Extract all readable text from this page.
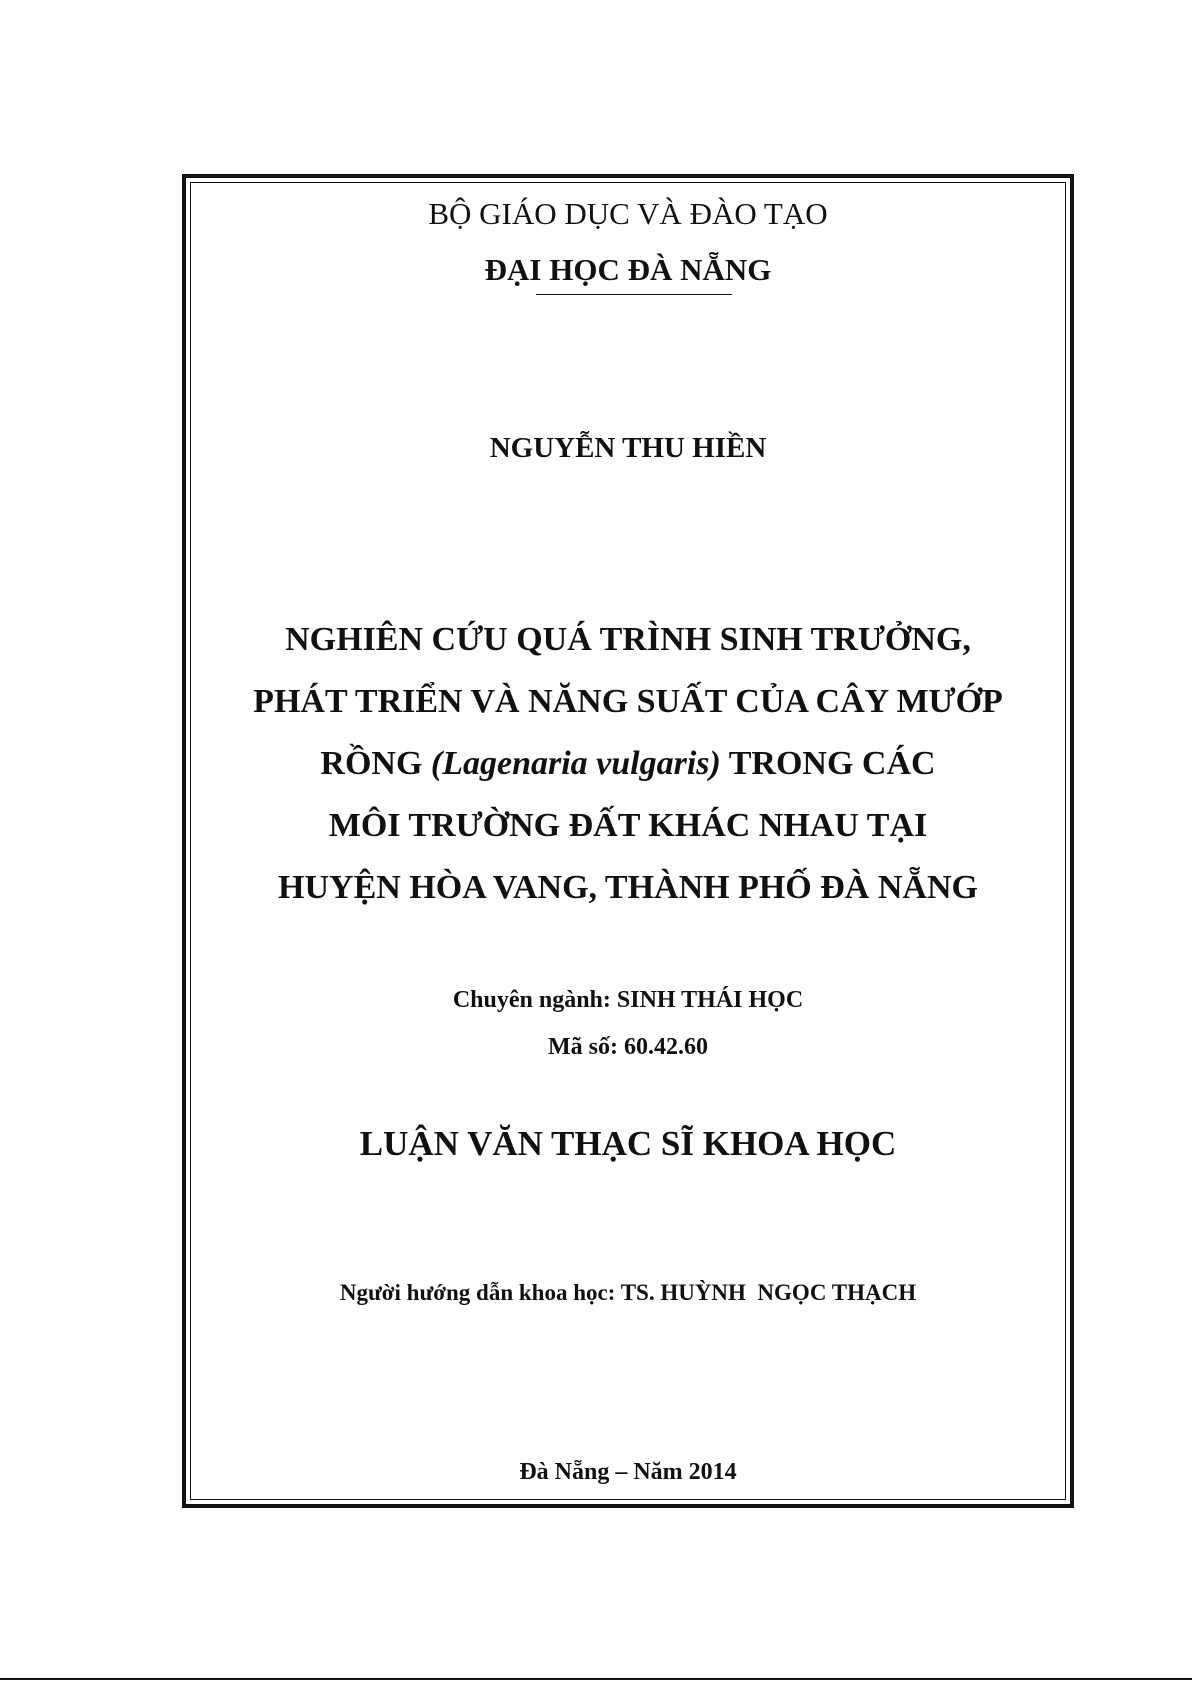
BỘ GIÁO DỤC VÀ ĐÀO TẠO
ĐẠI HỌC ĐÀ NẴNG
NGUYỄN THU HIỀN
NGHIÊN CỨU QUÁ TRÌNH SINH TRƯỞNG,
PHÁT TRIỂN VÀ NĂNG SUẤT CỦA CÂY MƯỚP
RỒNG (Lagenaria vulgaris) TRONG CÁC
MÔI TRƯỜNG ĐẤT KHÁC NHAU TẠI
HUYỆN HÒA VANG, THÀNH PHỐ ĐÀ NẴNG
Chuyên ngành: SINH THÁI HỌC
Mã số: 60.42.60
LUẬN VĂN THẠC SĨ KHOA HỌC
Người hướng dẫn khoa học: TS. HUỲNH  NGỌC THẠCH
Đà Nẵng – Năm 2014
